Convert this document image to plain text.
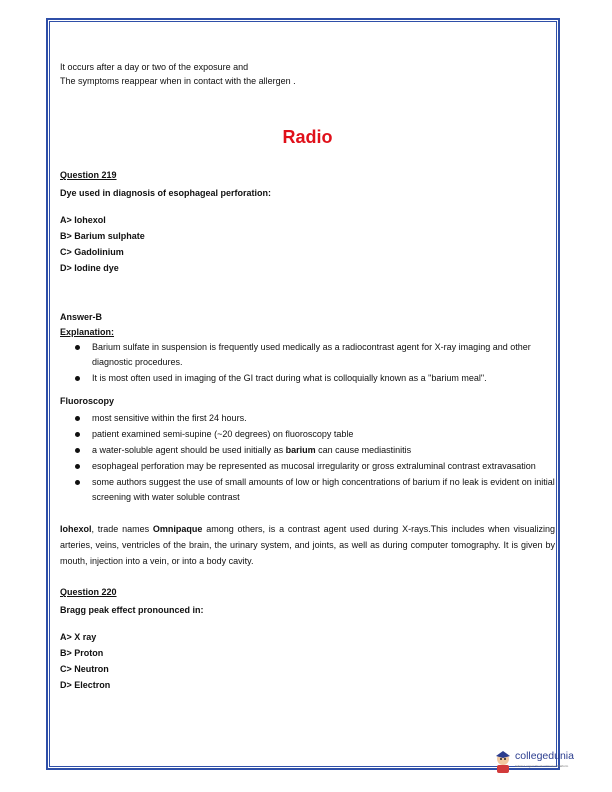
It occurs after a day or two of the exposure and

The symptoms reappear when in contact with the allergen .

Radio

Question 219

Dye used in diagnosis of esophageal perforation:

A> Iohexol

B> Barium sulphate

C> Gadolinium

D> Iodine dye

Answer-B

Explanation:

Barium sulfate in suspension is frequently used medically as a radiocontrast agent for X-ray imaging and other diagnostic procedures.
It is most often used in imaging of the GI tract during what is colloquially known as a "barium meal".

Fluoroscopy

most sensitive within the first 24 hours.
patient examined semi-supine (~20 degrees) on fluoroscopy table
a water-soluble agent should be used initially as barium can cause mediastinitis
esophageal perforation may be represented as mucosal irregularity or gross extraluminal contrast extravasation
some authors suggest the use of small amounts of low or high concentrations of barium if no leak is evident on initial screening with water soluble contrast

Iohexol, trade names Omnipaque among others, is a contrast agent used during X-rays.This includes when visualizing arteries, veins, ventricles of the brain, the urinary system, and joints, as well as during computer tomography. It is given by mouth, injection into a vein, or into a body cavity.

Question 220

Bragg peak effect pronounced in:

A> X ray

B> Proton

C> Neutron

D> Electron

collegedunia
India's Largest Student Review Platform
